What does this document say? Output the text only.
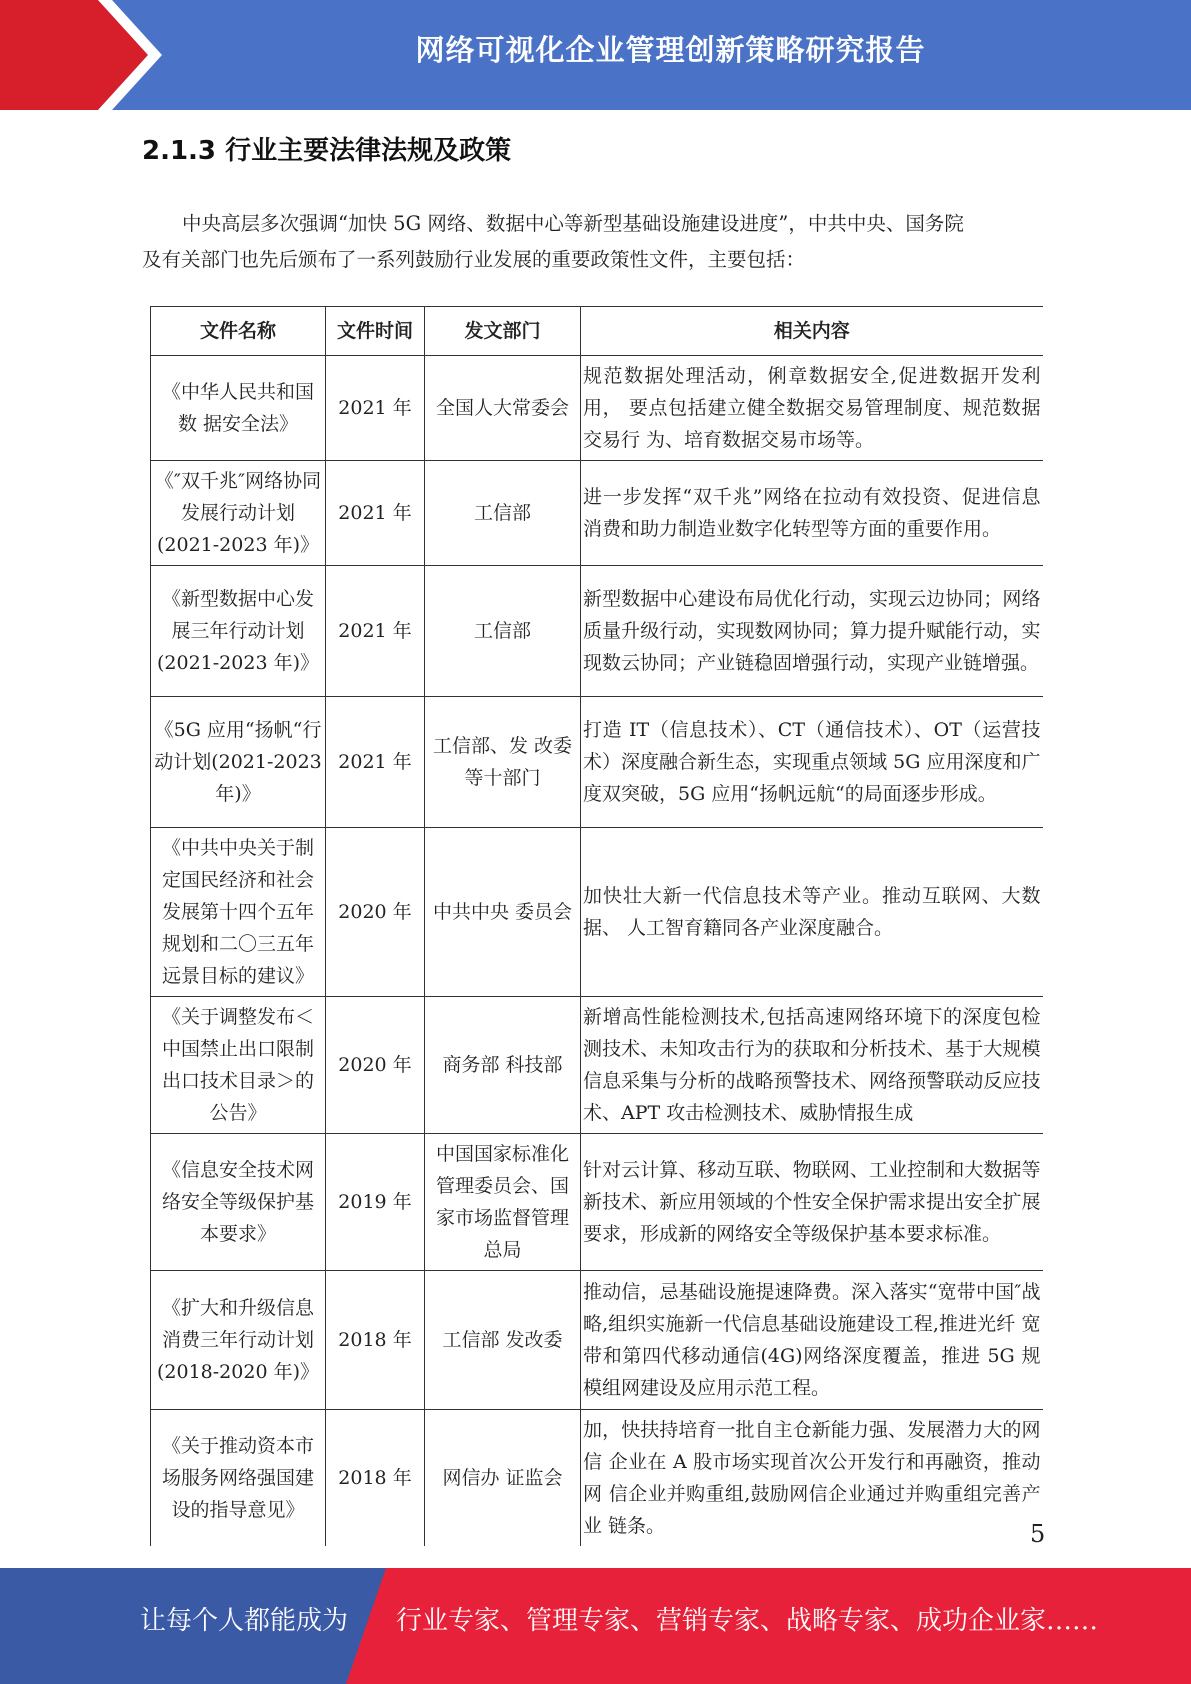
网络可视化企业管理创新策略研究报告
2.1.3 行业主要法律法规及政策

中央高层多次强调“加快 5G 网络、数据中心等新型基础设施建设进度”，中共中央、国务院

及有关部门也先后颁布了一系列鼓励行业发展的重要政策性文件，主要包括：
文件名称	文件时间	发文部门	相关内容
《中华人民共和国 数 据安全法》	2021 年	全国人大常委会	规范数据处理活动，俐章数据安全,促进数据开发利用， 要点包括建立健全数据交易管理制度、规范数据交易行 为、培育数据交易市场等。
《″双千兆″网络协同发展行动计划(2021-2023 年)》	2021 年	工信部	进一步发挥“双千兆”网络在拉动有效投资、促进信息 消费和助力制造业数字化转型等方面的重要作用。
《新型数据中心发展三年行动计划(2021-2023 年)》	2021 年	工信部	新型数据中心建设布局优化行动，实现云边协同；网络 质量升级行动，实现数网协同；算力提升赋能行动，实 现数云协同；产业链稳固增强行动，实现产业链增强。
《5G 应用“扬帆“行动计划(2021-2023 年)》	2021 年	工信部、发 改委等十部门	打造 IT（信息技术）、CT（通信技术）、OT（运营技术）深度融合新生态，实现重点领域 5G 应用深度和广度双突破，5G 应用“扬帆远航“的局面逐步形成。
《中共中央关于制定国民经济和社会发展第十四个五年规划和二〇三五年远景目标的建议》	2020 年	中共中央 委员会	加快壮大新一代信息技术等产业。推动互联网、大数据、 人工智育籍同各产业深度融合。
《关于调整发布＜中国禁止出口限制出口技术目录＞的公告》	2020 年	商务部 科技部	新增高性能检测技术,包括高速网络环境下的深度包检 测技术、未知攻击行为的获取和分析技术、基于大规模 信息采集与分析的战略预警技术、网络预警联动反应技 术、APT 攻击检测技术、威胁情报生成
《信息安全技术网络安全等级保护基本要求》	2019 年	中国国家标准化管理委员会、国家市场监督管理总局	针对云计算、移动互联、物联网、工业控制和大数据等 新技术、新应用领域的个性安全保护需求提出安全扩展 要求，形成新的网络安全等级保护基本要求标准。
《扩大和升级信息消费三年行动计划(2018-2020 年)》	2018 年	工信部 发改委	推动信，忌基础设施提速降费。深入落实“宽带中国″战 略,组织实施新一代信息基础设施建设工程,推进光纤 宽带和第四代移动通信(4G)网络深度覆盖，推进 5G 规模组网建设及应用示范工程。
《关于推动资本市场服务网络强国建设的指导意见》	2018 年	网信办 证监会	加，快扶持培育一批自主仓新能力强、发展潜力大的网信 企业在 A 股市场实现首次公开发行和再融资，推动网 信企业并购重组,鼓励网信企业通过并购重组完善产业 链条。	5
让每个人都能成为 行业专家、管理专家、营销专家、战略专家、成功企业家……
